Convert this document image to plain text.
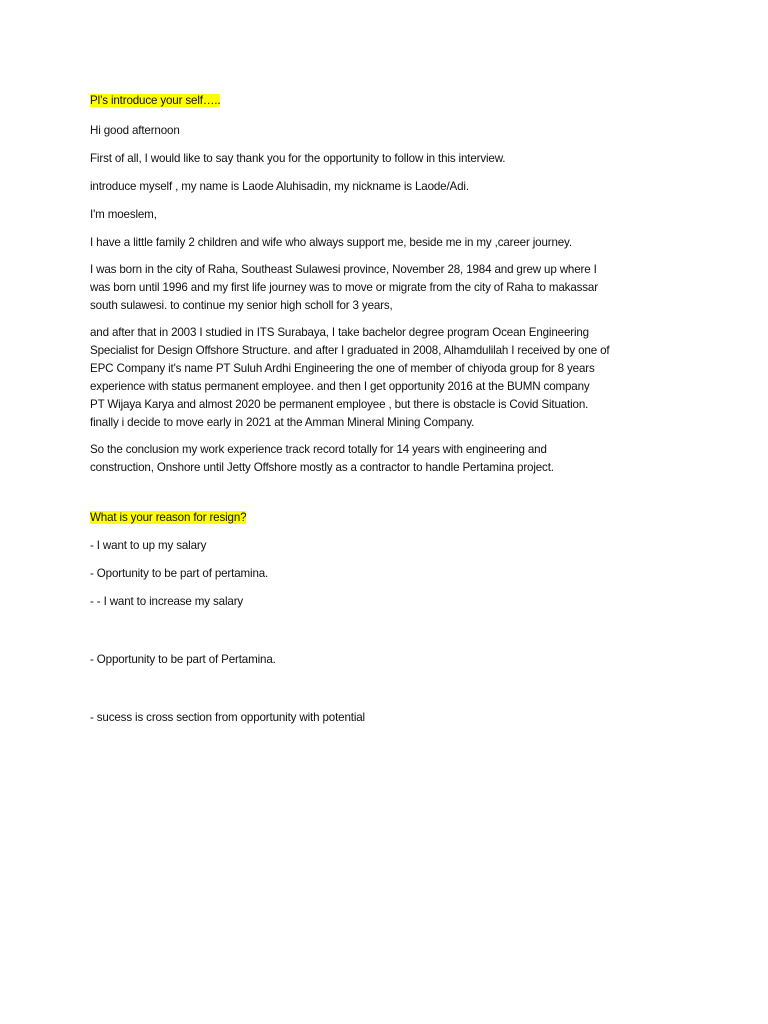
Pl’s introduce your self…..

Hi good afternoon

First of all, I would like to say thank you for the opportunity to follow in this interview.

introduce myself , my name is Laode Aluhisadin, my nickname is Laode/Adi.

I'm moeslem,

I have a little family 2 children and wife who always support me, beside me in my ,career journey.

I was born in the city of Raha, Southeast Sulawesi province, November 28, 1984 and grew up where I

was born until 1996 and my first life journey was to move or migrate from the city of Raha to makassar

south sulawesi. to continue my senior high scholl for 3 years,

and after that in 2003 I studied in ITS Surabaya, I take bachelor degree program Ocean Engineering

Specialist for Design Offshore Structure. and after I graduated in 2008, Alhamdulilah I received by one of

EPC Company it's name PT Suluh Ardhi Engineering the one of member of chiyoda group for 8 years

experience with status permanent employee. and then I get opportunity 2016 at the BUMN company

PT Wijaya Karya and almost 2020 be permanent employee , but there is obstacle is Covid Situation.

finally i decide to move early in 2021 at the Amman Mineral Mining Company.

So the conclusion my work experience track record totally for 14 years with engineering and

construction, Onshore until Jetty Offshore mostly as a contractor to handle Pertamina project.

What is your reason for resign?

- I want to up my salary

- Oportunity to be part of pertamina.

- - I want to increase my salary

- Opportunity to be part of Pertamina.

- sucess is cross section from opportunity with potential
